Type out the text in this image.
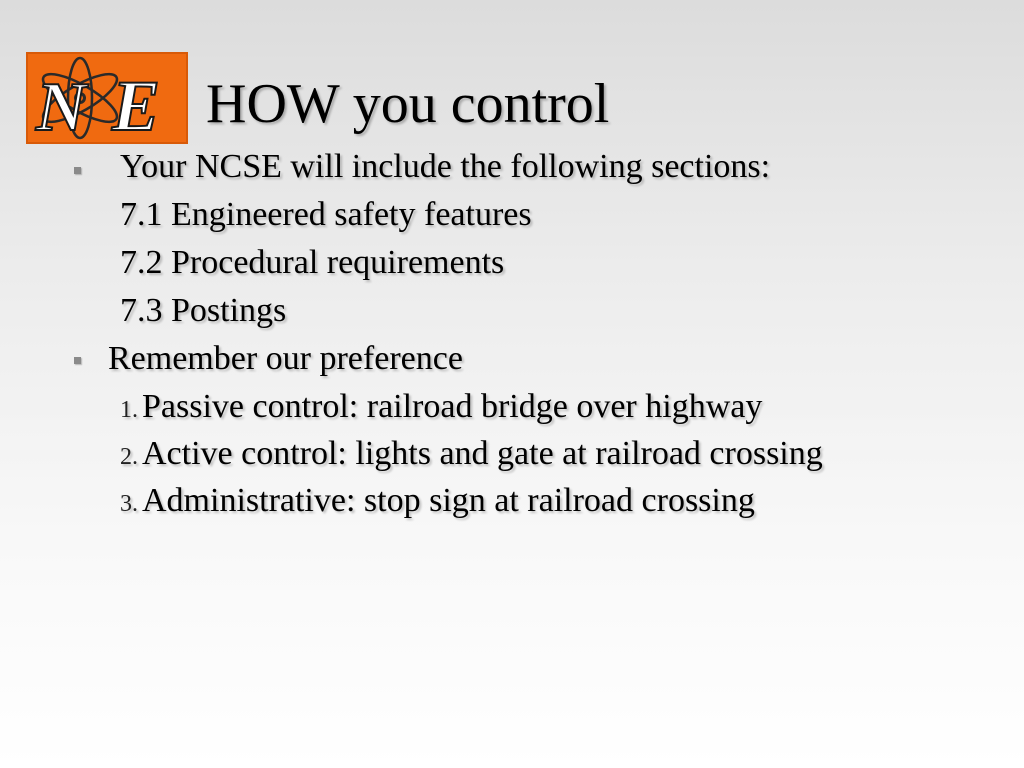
N E HOW you control
Your NCSE will include the following sections:
7.1 Engineered safety features
7.2 Procedural requirements
7.3 Postings
Remember our preference
1. Passive control: railroad bridge over highway
2. Active control: lights and gate at railroad crossing
3. Administrative: stop sign at railroad crossing
